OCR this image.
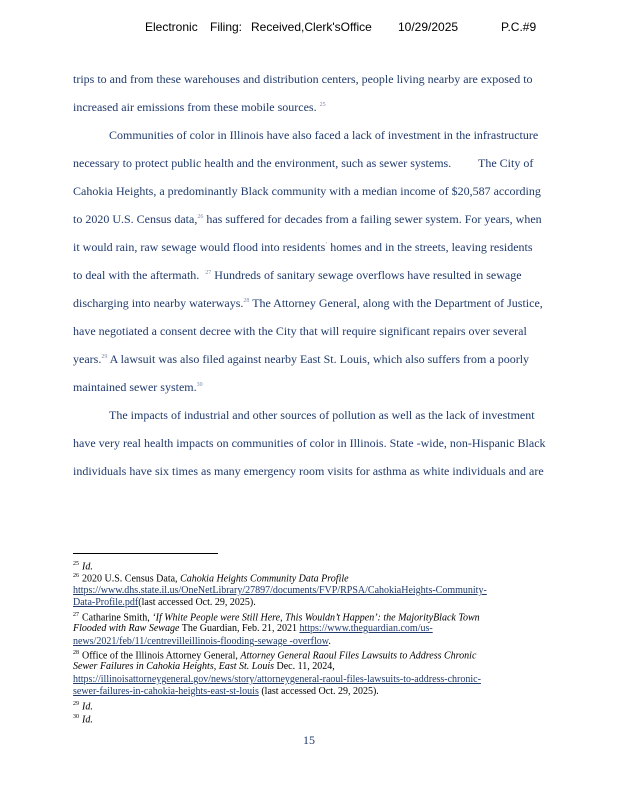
Electronic Filing: Received,Clerk'sOffice 10/29/2025	P.C.#9
trips to and from these warehouses and distribution centers, people living nearby are exposed to
increased air emissions from these mobile sources. $^{25}$
Communities of color in Illinois have also faced a lack of investment in the infrastructure
necessary to protect public health and the environment, such as sewer systems.         The City of
Cahokia Heights, a predominantly Black community with a median income of $20,587 according
to 2020 U.S. Census data,$^{26}$ has suffered for decades from a failing sewer system. For years, when
it would rain, raw sewage would flood into residents’ homes and in the streets, leaving residents
to deal with the aftermath. $^{27}$ Hundreds of sanitary sewage overflows have resulted in sewage
discharging into nearby waterways.$^{28}$ The Attorney General, along with the Department of Justice,
have negotiated a consent decree with the City that will require significant repairs over several
years.$^{29}$ A lawsuit was also filed against nearby East St. Louis, which also suffers from a poorly
maintained sewer system.$^{30}$
The impacts of industrial and other sources of pollution as well as the lack of investment
have very real health impacts on communities of color in Illinois. State -wide, non-Hispanic Black
individuals have six times as many emergency room visits for asthma as white individuals and are
$^{25}$ Id.
$^{26}$ 2020 U.S. Census Data, Cahokia Heights Community Data Profile
https://www.dhs.state.il.us/OneNetLibrary/27897/documents/FVP/RPSA/CahokiaHeights-Community-
Data-Profile.pdf(last accessed Oct. 29, 2025).
$^{27}$ Catharine Smith, ‘If White People were Still Here, This Wouldn’t Happen’: the MajorityBlack Town
Flooded with Raw Sewage The Guardian, Feb. 21, 2021 https://www.theguardian.com/us-
news/2021/feb/11/centrevilleillinois-flooding-sewage -overflow.
$^{28}$ Office of the Illinois Attorney General, Attorney General Raoul Files Lawsuits to Address Chronic
Sewer Failures in Cahokia Heights, East St. Louis Dec. 11, 2024,
https://illinoisattorneygeneral.gov/news/story/attorneygeneral-raoul-files-lawsuits-to-address-chronic-
sewer-failures-in-cahokia-heights-east-st-louis (last accessed Oct. 29, 2025).
$^{29}$ Id.
$^{30}$ Id.
15
